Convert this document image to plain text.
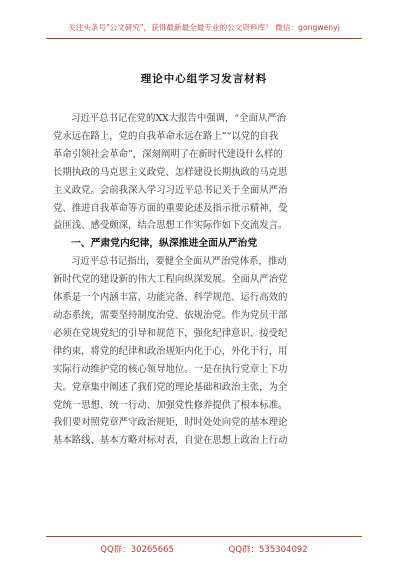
关注头条号"公文研究"，获得最新最全最专业的公文资料库！ 微信：gongwenyj
理论中心组学习发言材料
习近平总书记在党的XX大报告中强调，“全面从严治
党永远在路上，党的自我革命永远在路上”“以党的自我
革命引领社会革命”，深刻阐明了在新时代建设什么样的
长期执政的马克思主义政党、怎样建设长期执政的马克思
主义政党。会前我深入学习习近平总书记关于全面从严治
党、推进自我革命等方面的重要论述及指示批示精神，受
益匪浅、感受颇深，结合思想工作实际作如下交流发言。
一、严肃党内纪律，纵深推进全面从严治党
习近平总书记指出，要健全全面从严治党体系，推动
新时代党的建设新的伟大工程向纵深发展。全面从严治党
体系是一个内涵丰富、功能完备、科学规范、运行高效的
动态系统，需要坚持制度治党、依规治党。作为党员干部
必须在党规党纪的引导和规范下，强化纪律意识、接受纪
律约束，将党的纪律和政治规矩内化于心，外化于行，用
实际行动维护党的核心领导地位。一是在执行党章上下功
夫。党章集中阐述了我们党的理论基础和政治主张，为全
党统一思想、统一行动、加强党性修养提供了根本标准。
我们要对照党章严守政治规矩，时时处处向党的基本理论
基本路线、基本方略对标对表，自觉在思想上政治上行动
QQ群：30265665	QQ群：535304092
